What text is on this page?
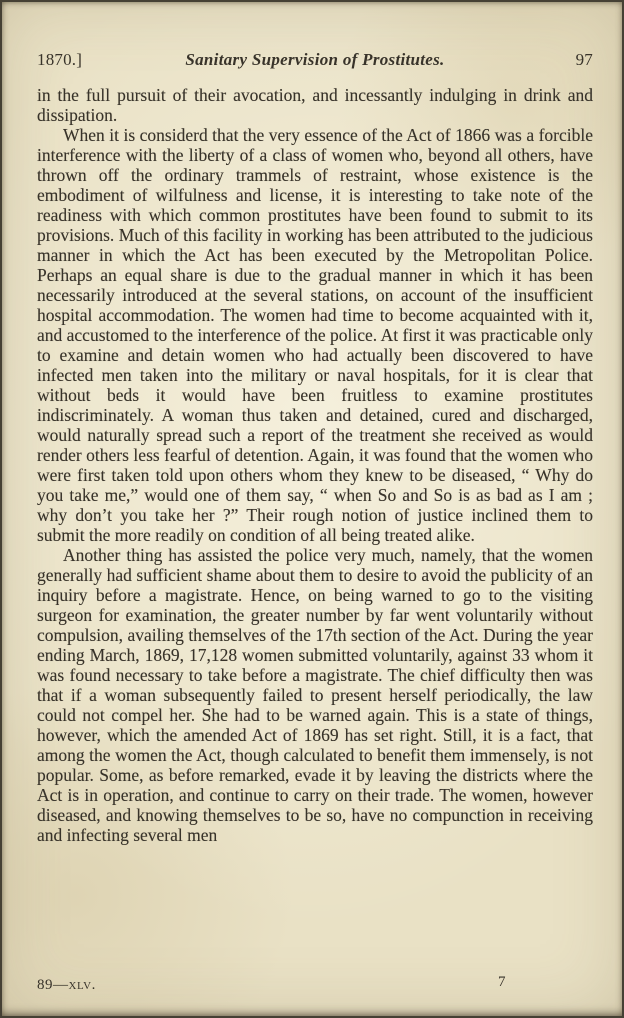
1870.]	Sanitary Supervision of Prostitutes.	97

in the full pursuit of their avocation, and incessantly indulging in drink and dissipation.

When it is considerd that the very essence of the Act of 1866 was a forcible interference with the liberty of a class of women who, beyond all others, have thrown off the ordinary trammels of restraint, whose existence is the embodiment of wilfulness and license, it is interesting to take note of the readiness with which common prostitutes have been found to submit to its provisions. Much of this facility in working has been attributed to the judicious manner in which the Act has been executed by the Metropolitan Police. Perhaps an equal share is due to the gradual manner in which it has been necessarily introduced at the several stations, on account of the insufficient hospital accommodation. The women had time to become acquainted with it, and accustomed to the interference of the police. At first it was practicable only to examine and detain women who had actually been discovered to have infected men taken into the military or naval hospitals, for it is clear that without beds it would have been fruitless to examine prostitutes indiscriminately. A woman thus taken and detained, cured and discharged, would naturally spread such a report of the treatment she received as would render others less fearful of detention. Again, it was found that the women who were first taken told upon others whom they knew to be diseased, “ Why do you take me,” would one of them say, “ when So and So is as bad as I am ; why don’t you take her ?” Their rough notion of justice inclined them to submit the more readily on condition of all being treated alike.

Another thing has assisted the police very much, namely, that the women generally had sufficient shame about them to desire to avoid the publicity of an inquiry before a magistrate. Hence, on being warned to go to the visiting surgeon for examination, the greater number by far went voluntarily without compulsion, availing themselves of the 17th section of the Act. During the year ending March, 1869, 17,128 women submitted voluntarily, against 33 whom it was found necessary to take before a magistrate. The chief difficulty then was that if a woman subsequently failed to present herself periodically, the law could not compel her. She had to be warned again. This is a state of things, however, which the amended Act of 1869 has set right. Still, it is a fact, that among the women the Act, though calculated to benefit them immensely, is not popular. Some, as before remarked, evade it by leaving the districts where the Act is in operation, and continue to carry on their trade. The women, however diseased, and knowing themselves to be so, have no compunction in receiving and infecting several men

89—xlv.	7
